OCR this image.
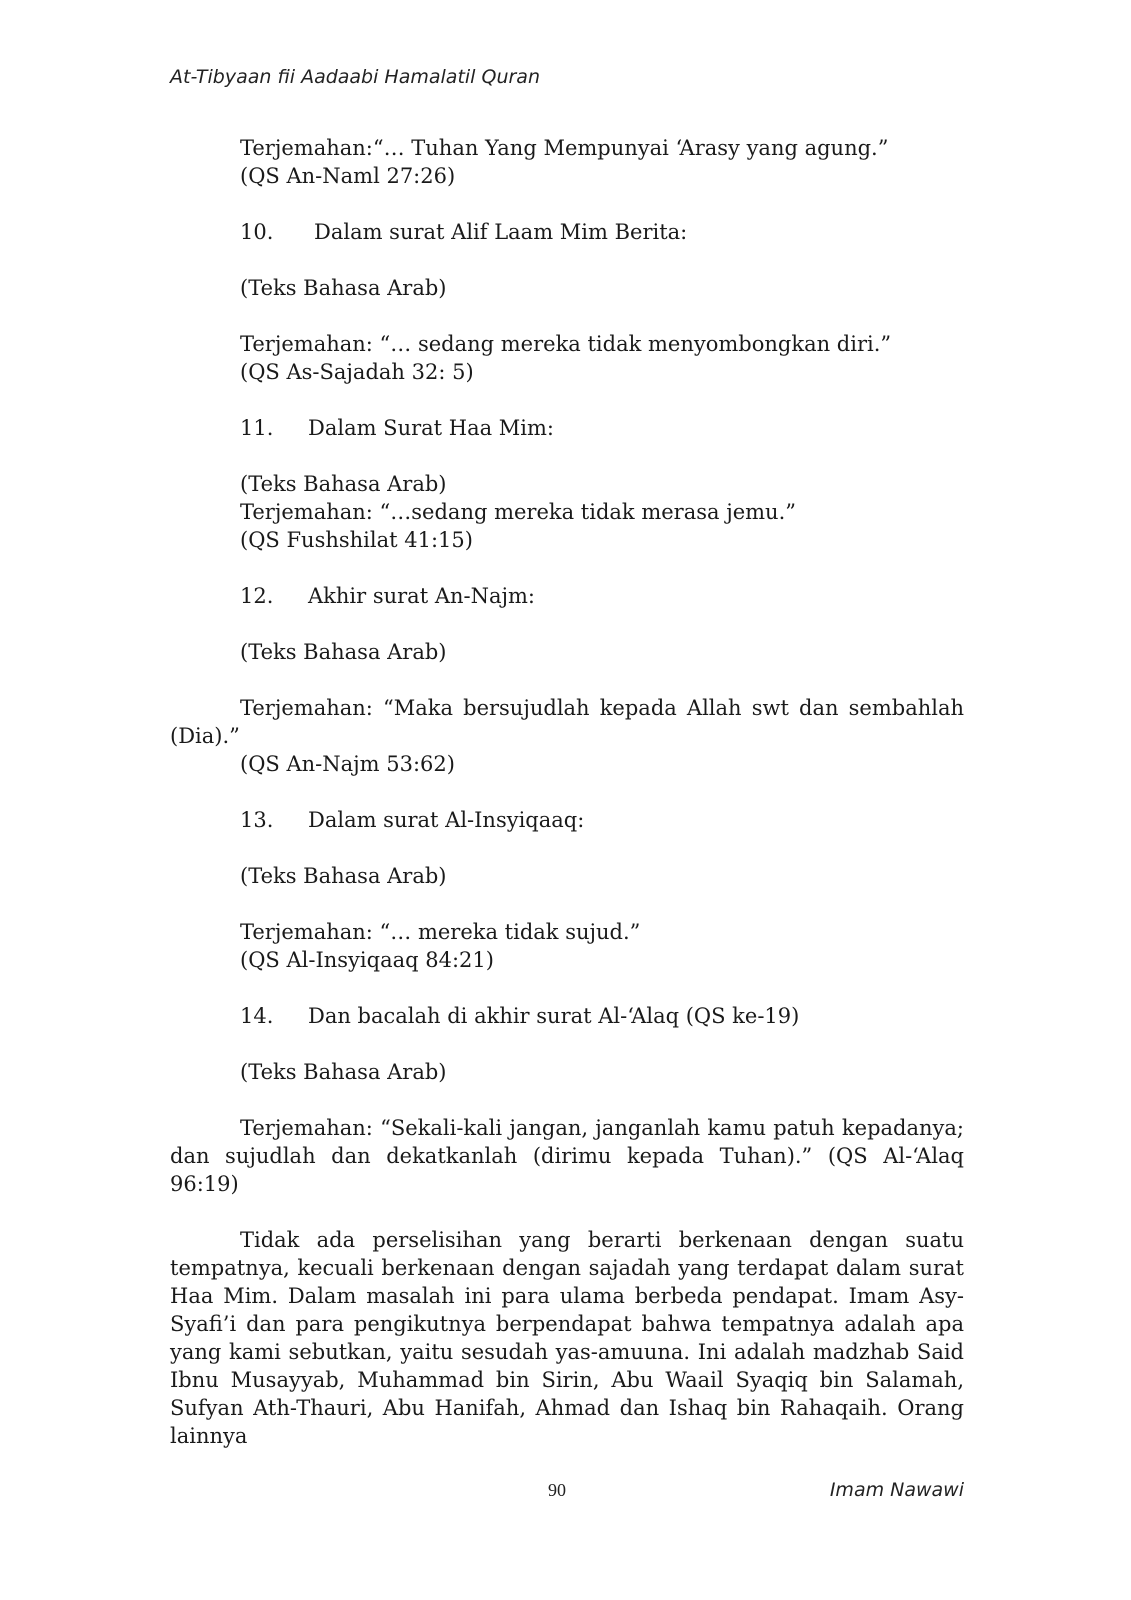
At-Tibyaan fii Aadaabi Hamalatil Quran
Terjemahan:“… Tuhan Yang Mempunyai ‘Arasy yang agung.”
(QS An-Naml 27:26)
10.	Dalam surat Alif Laam Mim Berita:
(Teks Bahasa Arab)
Terjemahan: “… sedang mereka tidak menyombongkan diri.”
(QS As-Sajadah 32: 5)
11.	Dalam Surat Haa Mim:
(Teks Bahasa Arab)
Terjemahan: “…sedang mereka tidak merasa jemu.”
(QS Fushshilat 41:15)
12.	Akhir surat An-Najm:
(Teks Bahasa Arab)

Terjemahan: “Maka bersujudlah kepada Allah swt dan sembahlah (Dia).”

(QS An-Najm 53:62)
13.	Dalam surat Al-Insyiqaaq:
(Teks Bahasa Arab)
Terjemahan: “… mereka tidak sujud.”
(QS Al-Insyiqaaq 84:21)
14.	Dan bacalah di akhir surat Al-‘Alaq (QS ke-19)
(Teks Bahasa Arab)

Terjemahan: “Sekali-kali jangan, janganlah kamu patuh kepadanya; dan sujudlah dan dekatkanlah (dirimu kepada Tuhan).” (QS Al-‘Alaq 96:19)

Tidak ada perselisihan yang berarti berkenaan dengan suatu tempatnya, kecuali berkenaan dengan sajadah yang terdapat dalam surat Haa Mim. Dalam masalah ini para ulama berbeda pendapat. Imam Asy-Syafi’i dan para pengikutnya berpendapat bahwa tempatnya adalah apa yang kami sebutkan, yaitu sesudah yas-amuuna. Ini adalah madzhab Said Ibnu Musayyab, Muhammad bin Sirin, Abu Waail Syaqiq bin Salamah, Sufyan Ath-Thauri, Abu Hanifah, Ahmad dan Ishaq bin Rahaqaih. Orang lainnya

90	Imam Nawawi
